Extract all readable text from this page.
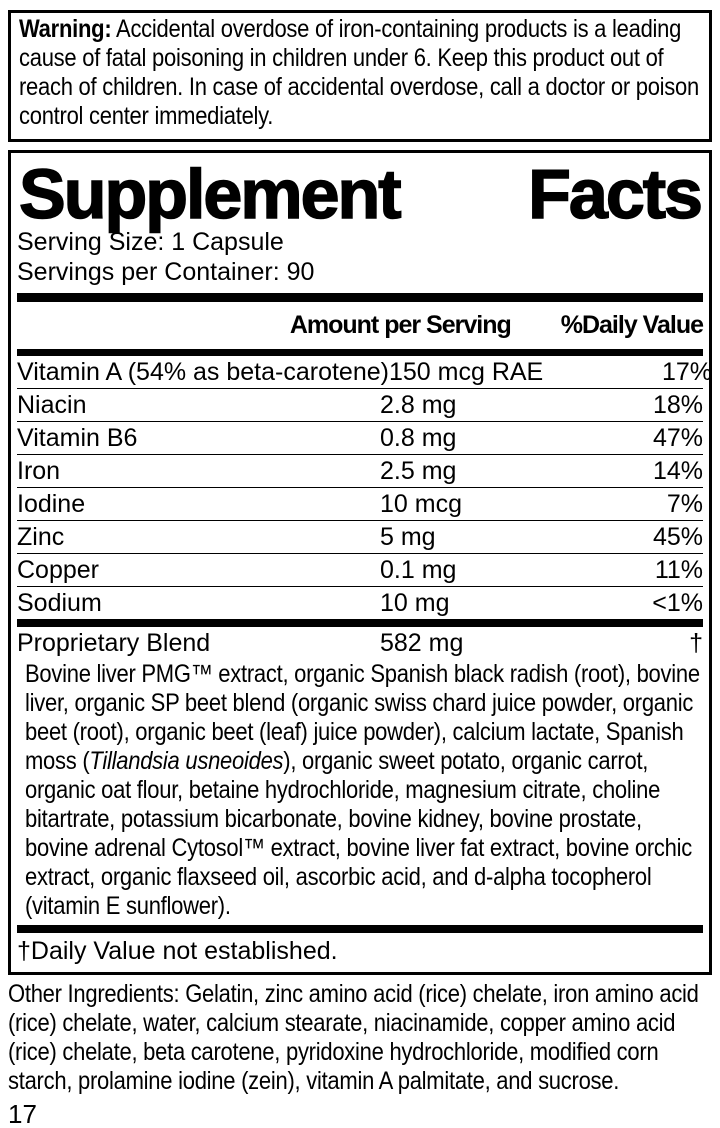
Warning: Accidental overdose of iron-containing products is a leading cause of fatal poisoning in children under 6. Keep this product out of reach of children. In case of accidental overdose, call a doctor or poison control center immediately.
Supplement Facts
Serving Size: 1 Capsule
Servings per Container: 90
Amount per Serving %Daily Value
Vitamin A (54% as beta-carotene) 150 mcg RAE	17%
Niacin	2.8 mg	18%
Vitamin B6	0.8 mg	47%
Iron	2.5 mg	14%
Iodine	10 mcg	7%
Zinc	5 mg	45%
Copper	0.1 mg	11%
Sodium	10 mg	<1%
Proprietary Blend	582 mg	†
Bovine liver PMG™ extract, organic Spanish black radish (root), bovine liver, organic SP beet blend (organic swiss chard juice powder, organic beet (root), organic beet (leaf) juice powder), calcium lactate, Spanish moss (Tillandsia usneoides), organic sweet potato, organic carrot, organic oat flour, betaine hydrochloride, magnesium citrate, choline bitartrate, potassium bicarbonate, bovine kidney, bovine prostate, bovine adrenal Cytosol™ extract, bovine liver fat extract, bovine orchic extract, organic flaxseed oil, ascorbic acid, and d-alpha tocopherol (vitamin E sunflower).
†Daily Value not established.
Other Ingredients: Gelatin, zinc amino acid (rice) chelate, iron amino acid (rice) chelate, water, calcium stearate, niacinamide, copper amino acid (rice) chelate, beta carotene, pyridoxine hydrochloride, modified corn starch, prolamine iodine (zein), vitamin A palmitate, and sucrose.
17
